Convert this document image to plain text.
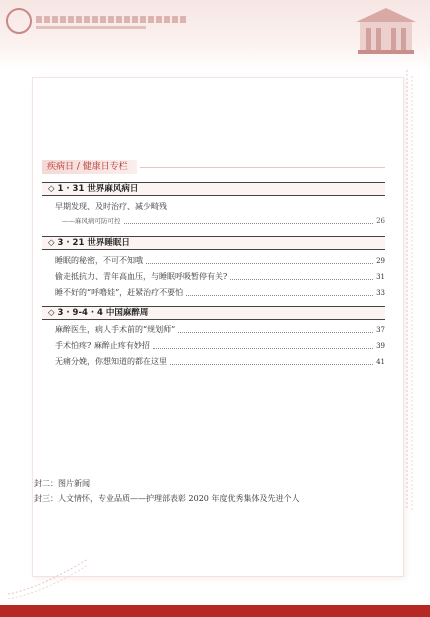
疾病日 / 健康日专栏
◇ 1 · 31 世界麻风病日
早期发现、及时治疗、减少畸残
——麻风病可防可控	26
◇ 3 · 21 世界睡眠日
睡眠的秘密，不可不知哦	29
偷走抵抗力、青年高血压，与睡眠呼吸暂停有关?	31
睡不好的“呼噜娃”，赶紧治疗不要怕	33
◇ 3 · 9-4 · 4 中国麻醉周
麻醉医生，病人手术前的“规划师”	37
手术怕疼? 麻醉止疼有妙招	39
无痛分娩，你想知道的都在这里	41
封二：图片新闻
封三：人文情怀，专业品质——护理部表彰 2020 年度优秀集体及先进个人
